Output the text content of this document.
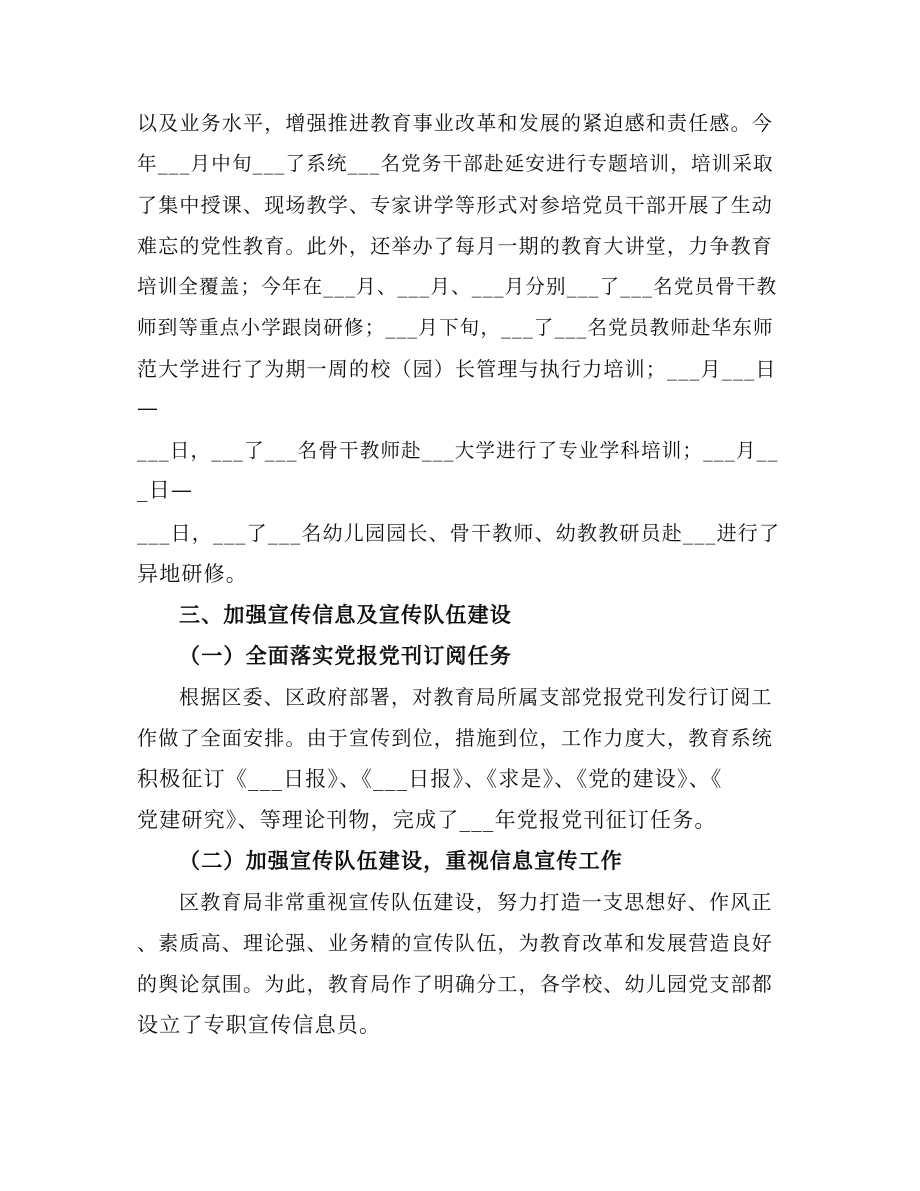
以及业务水平，增强推进教育事业改革和发展的紧迫感和责任感。今
年___月中旬___了系统___名党务干部赴延安进行专题培训，培训采取
了集中授课、现场教学、专家讲学等形式对参培党员干部开展了生动
难忘的党性教育。此外，还举办了每月一期的教育大讲堂，力争教育
培训全覆盖；今年在___月、___月、___月分别___了___名党员骨干教
师到等重点小学跟岗研修；___月下旬，___了___名党员教师赴华东师
范大学进行了为期一周的校（园）长管理与执行力培训；___月___日
—
___日，___了___名骨干教师赴___大学进行了专业学科培训；___月__
_日—
___日，___了___名幼儿园园长、骨干教师、幼教教研员赴___进行了
异地研修。
三、加强宣传信息及宣传队伍建设
（一）全面落实党报党刊订阅任务
根据区委、区政府部署，对教育局所属支部党报党刊发行订阅工
作做了全面安排。由于宣传到位，措施到位，工作力度大，教育系统
积极征订《___日报》、《___日报》、《求是》、《党的建设》、《
党建研究》、等理论刊物，完成了___年党报党刊征订任务。
（二）加强宣传队伍建设，重视信息宣传工作
区教育局非常重视宣传队伍建设，努力打造一支思想好、作风正
、素质高、理论强、业务精的宣传队伍，为教育改革和发展营造良好
的舆论氛围。为此，教育局作了明确分工，各学校、幼儿园党支部都
设立了专职宣传信息员。
